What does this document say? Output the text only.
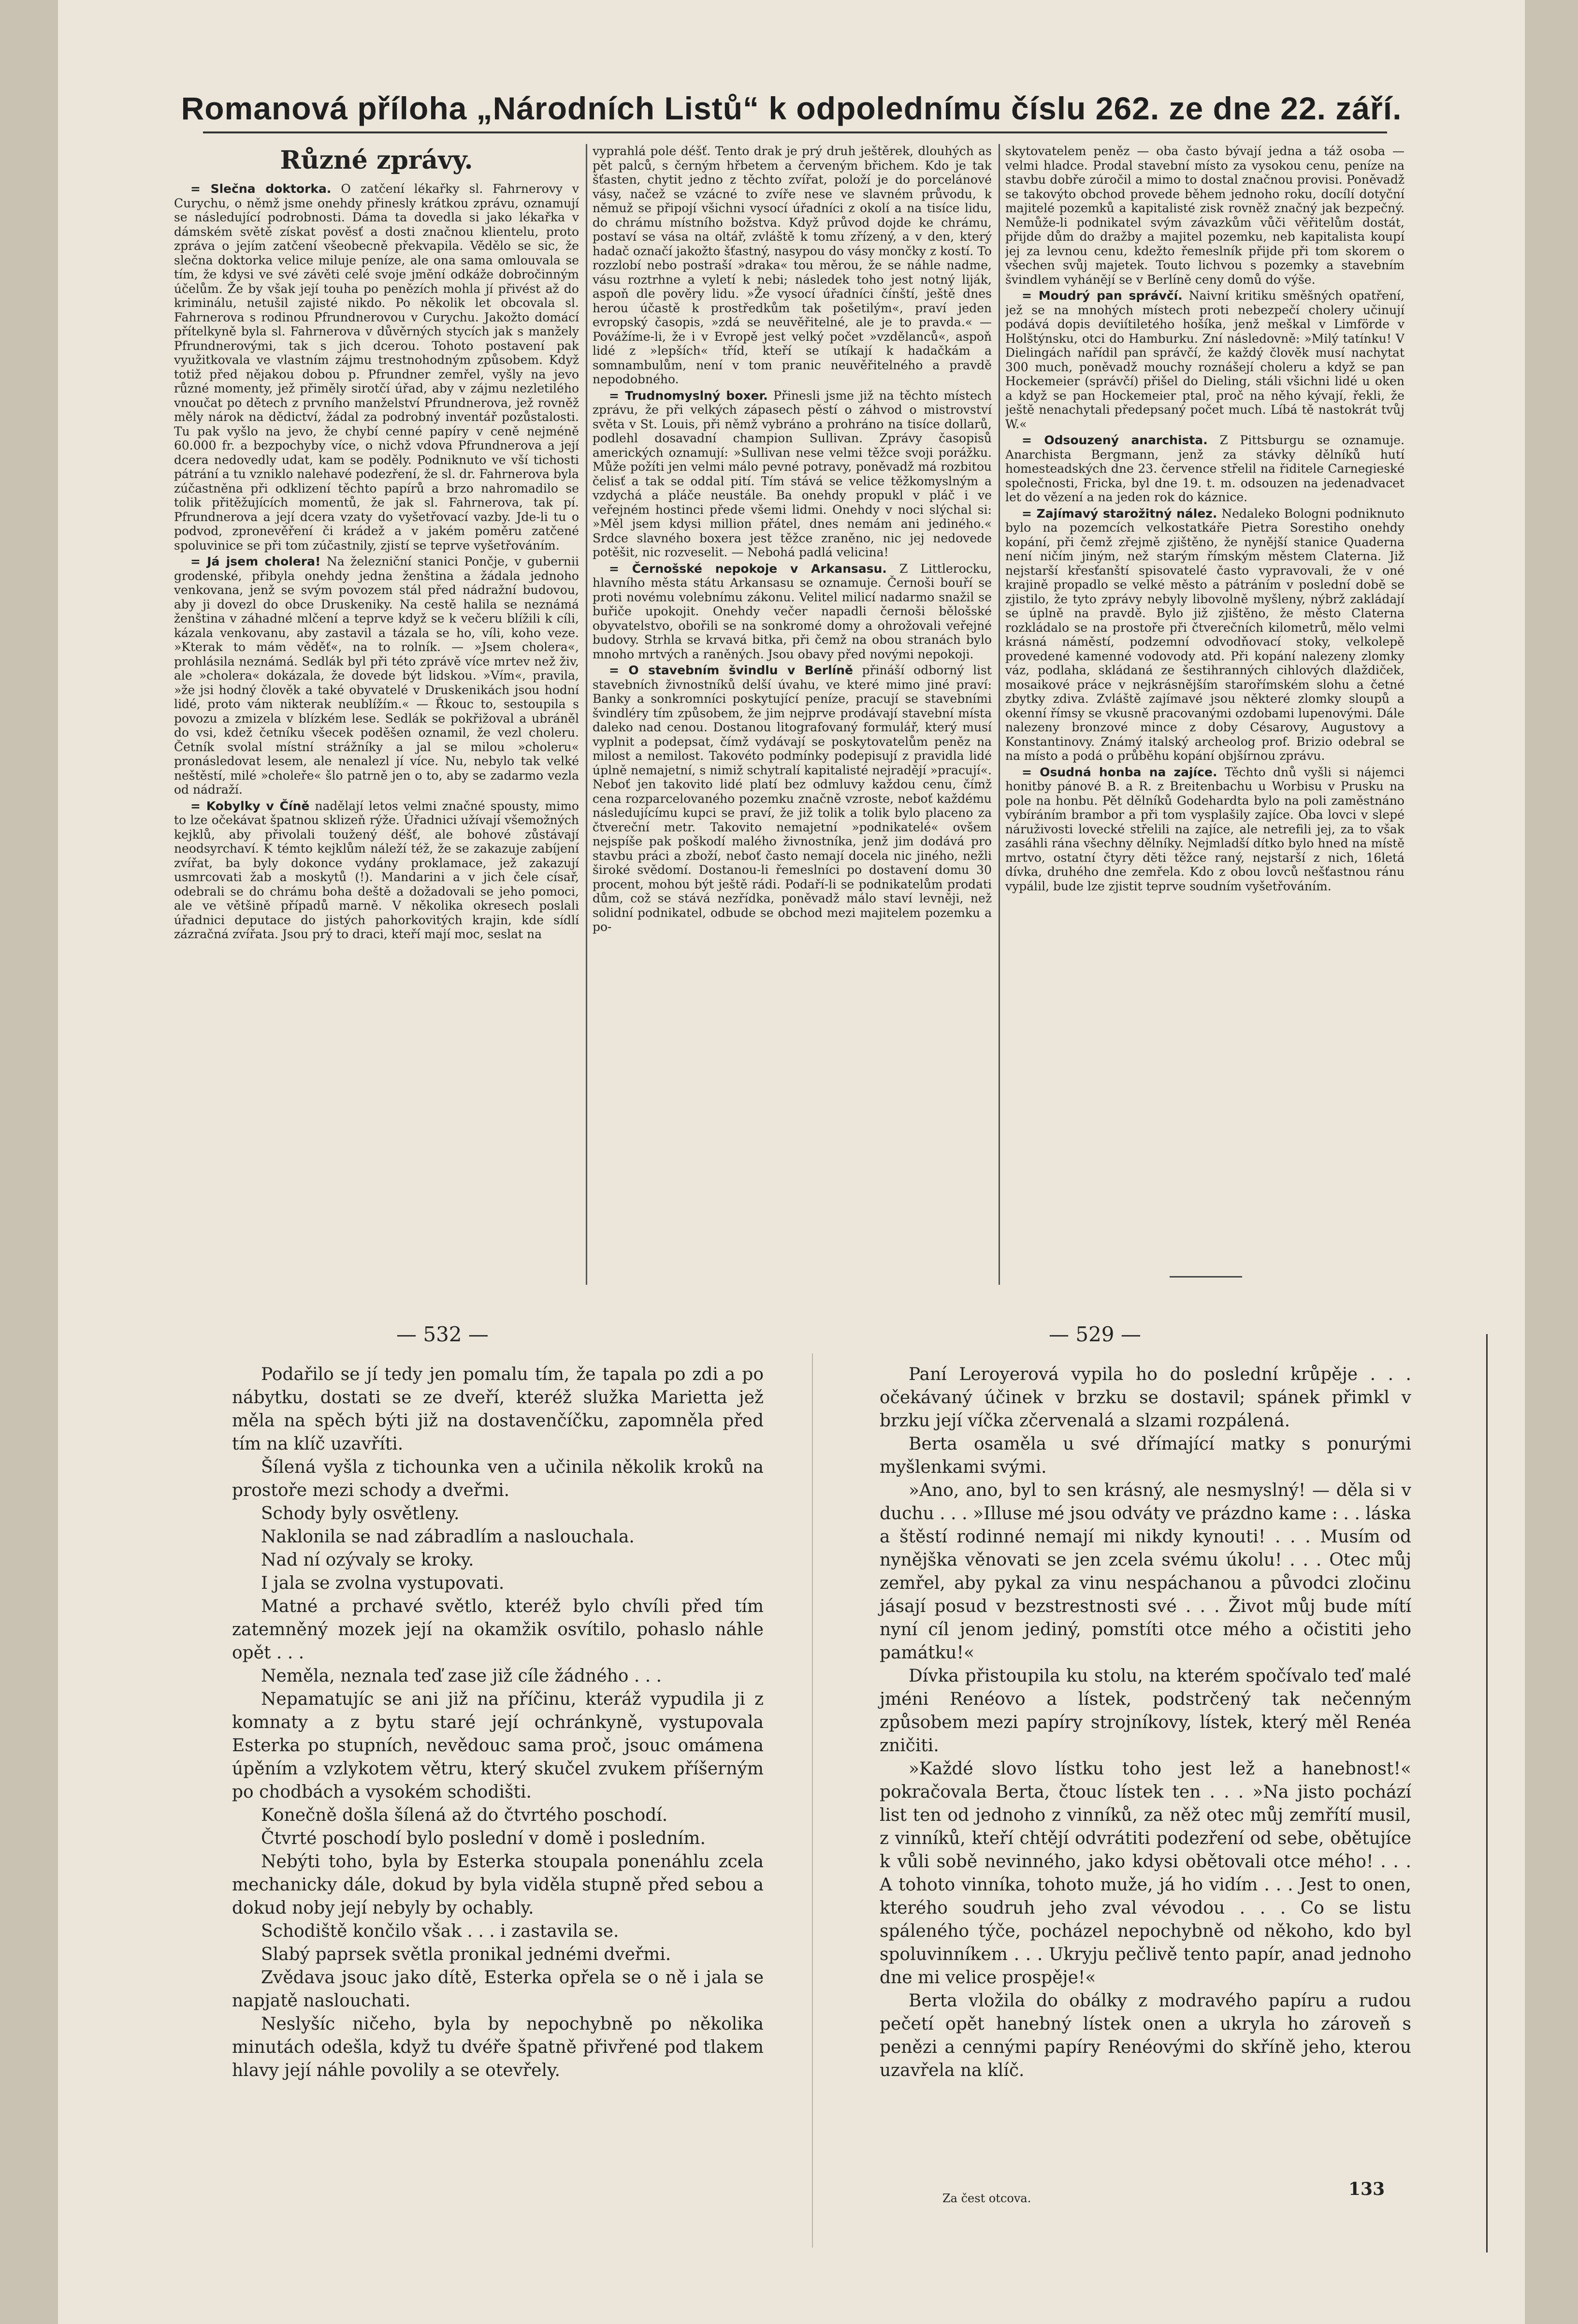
Romanová příloha „Národních Listů“ k odpolednímu číslu 262. ze dne 22. září.
Různé zprávy.

= Slečna doktorka. O zatčení lékařky sl. Fahrnerovy v Curychu, o němž jsme onehdy přinesly krátkou zprávu, oznamují se následující podrobnosti. Dáma ta dovedla si jako lékařka v dámském světě získat pověsť a dosti značnou klientelu, proto zpráva o jejím zatčení všeobecně překvapila. Vědělo se sic, že slečna doktorka velice miluje peníze, ale ona sama omlouvala se tím, že kdysi ve své závěti celé svoje jmění odkáže dobročinným účelům. Že by však její touha po penězích mohla jí přivést až do kriminálu, netušil zajisté nikdo. Po několik let obcovala sl. Fahrnerova s rodinou Pfrundnerovou v Curychu. Jakožto domácí přítelkyně byla sl. Fahrnerova v důvěrných stycích jak s manžely Pfrundnerovými, tak s jich dcerou. Tohoto postavení pak využitkovala ve vlastním zájmu trestnohodným způsobem. Když totiž před nějakou dobou p. Pfrundner zemřel, vyšly na jevo různé momenty, jež přiměly sirotčí úřad, aby v zájmu nezletilého vnoučat po dětech z prvního manželství Pfrundnerova, jež rovněž měly nárok na dědictví, žádal za podrobný inventář pozůstalosti. Tu pak vyšlo na jevo, že chybí cenné papíry v ceně nejméně 60.000 fr. a bezpochyby více, o nichž vdova Pfrundnerova a její dcera nedovedly udat, kam se poděly. Podniknuto ve vší tichosti pátrání a tu vzniklo nalehavé podezření, že sl. dr. Fahrnerova byla zúčastněna při odklizení těchto papírů a brzo nahromadilo se tolik přitěžujících momentů, že jak sl. Fahrnerova, tak pí. Pfrundnerova a její dcera vzaty do vyšetřovací vazby. Jde-li tu o podvod, zpronevěření či krádež a v jakém poměru zatčené spoluvinice se při tom zúčastnily, zjistí se teprve vyšetřováním.

= Já jsem cholera! Na železniční stanici Pončje, v gubernii grodenské, přibyla onehdy jedna ženština a žádala jednoho venkovana, jenž se svým povozem stál před nádražní budovou, aby ji dovezl do obce Druskeniky. Na cestě halila se neznámá ženština v záhadné mlčení a teprve když se k večeru blížili k cíli, kázala venkovanu, aby zastavil a tázala se ho, víli, koho veze. »Kterak to mám věděť«, na to rolník. — »Jsem cholera«, prohlásila neznámá. Sedlák byl při této zprávě více mrtev než živ, ale »cholera« dokázala, že dovede být lidskou. »Vím«, pravila, »že jsi hodný člověk a také obyvatelé v Druskenikách jsou hodní lidé, proto vám nikterak neublížím.« — Řkouc to, sestoupila s povozu a zmizela v blízkém lese. Sedlák se pokřižoval a ubráněl do vsi, kdež četníku všecek poděšen oznamil, že vezl choleru. Četník svolal místní strážníky a jal se milou »choleru« pronásledovat lesem, ale nenalezl jí více. Nu, nebylo tak velké neštěstí, milé »choleře« šlo patrně jen o to, aby se zadarmo vezla od nádraží.

= Kobylky v Číně nadělají letos velmi značné spousty, mimo to lze očekávat špatnou sklizeň rýže. Úřadnici užívají všemožných kejklů, aby přivolali toužený déšť, ale bohové zůstávají neodsyrchaví. K témto kejklům náleží též, že se zakazuje zabíjení zvířat, ba byly dokonce vydány proklamace, jež zakazují usmrcovati žab a moskytů (!). Mandarini a v jich čele císař, odebrali se do chrámu boha deště a dožadovali se jeho pomoci, ale ve většině případů marně. V několika okresech poslali úřadnici deputace do jistých pahorkovitých krajin, kde sídlí zázračná zvířata. Jsou prý to draci, kteří mají moc, seslat na

vyprahlá pole déšť. Tento drak je prý druh ještěrek, dlouhých as pět palců, s černým hřbetem a červeným břichem. Kdo je tak šťasten, chytit jedno z těchto zvířat, položí je do porcelánové vásy, načež se vzácné to zvíře nese ve slavném průvodu, k němuž se připojí všichni vysocí úřadníci z okolí a na tisíce lidu, do chrámu místního božstva. Když průvod dojde ke chrámu, postaví se vása na oltář, zvláště k tomu zřízený, a v den, který hadač označí jakožto šťastný, nasypou do vásy mončky z kostí. To rozzlobí nebo postraší »draka« tou měrou, že se náhle nadme, vásu roztrhne a vyletí k nebi; následek toho jest notný liják, aspoň dle pověry lidu. »Že vysocí úřadníci čínští, ještě dnes herou účastě k prostředkům tak pošetilým«, praví jeden evropský časopis, »zdá se neuvěřitelné, ale je to pravda.« — Povážíme-li, že i v Evropě jest velký počet »vzdělanců«, aspoň lidé z »lepších« tříd, kteří se utíkají k hadačkám a somnambulům, není v tom pranic neuvěřitelného a pravdě nepodobného.

= Trudnomyslný boxer. Přinesli jsme již na těchto místech zprávu, že při velkých zápasech pěstí o záhvod o mistrovství světa v St. Louis, při němž vybráno a prohráno na tisíce dollarů, podlehl dosavadní champion Sullivan. Zprávy časopisů amerických oznamují: »Sullivan nese velmi těžce svoji porážku. Může požíti jen velmi málo pevné potravy, poněvadž má rozbitou čelisť a tak se oddal pití. Tím stává se velice těžkomyslným a vzdychá a pláče neustále. Ba onehdy propukl v pláč i ve veřejném hostinci přede všemi lidmi. Onehdy v noci slýchal si: »Měl jsem kdysi million přátel, dnes nemám ani jediného.« Srdce slavného boxera jest těžce zraněno, nic jej nedovede potěšit, nic rozveselit. — Nebohá padlá velicina!

= Černošské nepokoje v Arkansasu. Z Littlerocku, hlavního města státu Arkansasu se oznamuje. Černoši bouří se proti novému volebnímu zákonu. Velitel milicí nadarmo snažil se buřiče upokojit. Onehdy večer napadli černoši bělošské obyvatelstvo, obořili se na sonkromé domy a ohrožovali veřejné budovy. Strhla se krvavá bitka, při čemž na obou stranách bylo mnoho mrtvých a raněných. Jsou obavy před novými nepokoji.

= O stavebním švindlu v Berlíně přináší odborný list stavebních živnostníků delší úvahu, ve které mimo jiné praví: Banky a sonkromníci poskytující peníze, pracují se stavebními švindléry tím způsobem, že jim nejprve prodávají stavební místa daleko nad cenou. Dostanou litografovaný formulář, který musí vyplnit a podepsat, čímž vydávají se poskytovatelům peněz na milost a nemilost. Takovéto podmínky podepisují z pravidla lidé úplně nemajetní, s nimiž schytralí kapitalisté nejradějí »pracují«. Neboť jen takovito lidé platí bez odmluvy každou cenu, čímž cena rozparcelovaného pozemku značně vzroste, neboť každému následujícímu kupci se praví, že již tolik a tolik bylo placeno za čtvereční metr. Takovito nemajetní »podnikatelé« ovšem nejspíše pak poškodí malého živnostníka, jenž jim dodává pro stavbu práci a zboží, neboť často nemají docela nic jiného, nežli široké svědomí. Dostanou-li řemeslníci po dostavení domu 30 procent, mohou být ještě rádi. Podaří-li se podnikatelům prodati dům, což se stává nezřídka, poněvadž málo staví levněji, než solidní podnikatel, odbude se obchod mezi majitelem pozemku a po-

skytovatelem peněz — oba často bývají jedna a táž osoba — velmi hladce. Prodal stavební místo za vysokou cenu, peníze na stavbu dobře zúročil a mimo to dostal značnou provisi. Poněvadž se takovýto obchod provede během jednoho roku, docílí dotyční majitelé pozemků a kapitalisté zisk rovněž značný jak bezpečný. Nemůže-li podnikatel svým závazkům vůči věřitelům dostát, přijde dům do dražby a majitel pozemku, neb kapitalista koupí jej za levnou cenu, kdežto řemeslník přijde při tom skorem o všechen svůj majetek. Touto lichvou s pozemky a stavebním švindlem vyhánějí se v Berlíně ceny domů do výše.

= Moudrý pan správčí. Naivní kritiku směšných opatření, jež se na mnohých místech proti nebezpečí cholery učinují podává dopis deviítiletého hošíka, jenž meškal v Limförde v Holštýnsku, otci do Hamburku. Zní následovně: »Milý tatínku! V Dielingách nařídil pan správčí, že každý člověk musí nachytat 300 much, poněvadž mouchy roznášejí choleru a když se pan Hockemeier (správčí) přišel do Dieling, stáli všichni lidé u oken a když se pan Hockemeier ptal, proč na něho kývají, řekli, že ještě nenachytali předepsaný počet much. Líbá tě nastokrát tvůj W.«

= Odsouzený anarchista. Z Pittsburgu se oznamuje. Anarchista Bergmann, jenž za stávky dělníků hutí homesteadských dne 23. července střelil na řiditele Carnegieské společnosti, Fricka, byl dne 19. t. m. odsouzen na jedenadvacet let do vězení a na jeden rok do káznice.

= Zajímavý starožitný nález. Nedaleko Bologni podniknuto bylo na pozemcích velkostatkáře Pietra Sorestiho onehdy kopání, při čemž zřejmě zjištěno, že nynější stanice Quaderna není ničím jiným, než starým římským městem Claterna. Již nejstarší křesťanští spisovatelé často vypravovali, že v oné krajině propadlo se velké město a pátráním v poslední době se zjistilo, že tyto zprávy nebyly libovolně myšleny, nýbrž zakládají se úplně na pravdě. Bylo již zjištěno, že město Claterna rozkládalo se na prostoře při čtverečních kilometrů, mělo velmi krásná náměstí, podzemní odvodňovací stoky, velkolepě provedené kamenné vodovody atd. Při kopání nalezeny zlomky váz, podlaha, skládaná ze šestihranných cihlových dlaždiček, mosaikové práce v nejkrásnějším starořímském slohu a četné zbytky zdiva. Zvláště zajímavé jsou některé zlomky sloupů a okenní římsy se vkusně pracovanými ozdobami lupenovými. Dále nalezeny bronzové mince z doby Césarovy, Augustovy a Konstantinovy. Známý italský archeolog prof. Brizio odebral se na místo a podá o průběhu kopání objšírnou zprávu.

= Osudná honba na zajíce. Těchto dnů vyšli si nájemci honitby pánové B. a R. z Breitenbachu u Worbisu v Prusku na pole na honbu. Pět dělníků Godehardta bylo na poli zaměstnáno vybíráním brambor a při tom vysplašily zajíce. Oba lovci v slepé náruživosti lovecké střelili na zajíce, ale netrefili jej, za to však zasáhli rána všechny dělníky. Nejmladší dítko bylo hned na místě mrtvo, ostatní čtyry děti těžce raný, nejstarší z nich, 16letá dívka, druhého dne zemřela. Kdo z obou lovců nešťastnou ránu vypálil, bude lze zjistit teprve soudním vyšetřováním.

— 532 —

Podařilo se jí tedy jen pomalu tím, že tapala po zdi a po nábytku, dostati se ze dveří, kteréž služka Marietta jež měla na spěch býti již na dostavenčíčku, zapomněla před tím na klíč uzavříti.

Šílená vyšla z tichounka ven a učinila několik kroků na prostoře mezi schody a dveřmi.

Schody byly osvětleny.

Naklonila se nad zábradlím a naslouchala.

Nad ní ozývaly se kroky.

I jala se zvolna vystupovati.

Matné a prchavé světlo, kteréž bylo chvíli před tím zatemněný mozek její na okamžik osvítilo, pohaslo náhle opět . . .

Neměla, neznala teď zase již cíle žádného . . .

Nepamatujíc se ani již na příčinu, kteráž vypudila ji z komnaty a z bytu staré její ochránkyně, vystupovala Esterka po stupních, nevědouc sama proč, jsouc omámena úpěním a vzlykotem větru, který skučel zvukem příšerným po chodbách a vysokém schodišti.

Konečně došla šílená až do čtvrtého poschodí.

Čtvrté poschodí bylo poslední v domě i posledním.

Nebýti toho, byla by Esterka stoupala ponenáhlu zcela mechanicky dále, dokud by byla viděla stupně před sebou a dokud noby její nebyly by ochably.

Schodiště končilo však . . . i zastavila se.

Slabý paprsek světla pronikal jednémi dveřmi.

Zvědava jsouc jako dítě, Esterka opřela se o ně i jala se napjatě naslouchati.

Neslyšíc ničeho, byla by nepochybně po několika minutách odešla, když tu dvéře špatně přivřené pod tlakem hlavy její náhle povolily a se otevřely.

— 529 —

Paní Leroyerová vypila ho do poslední krůpěje . . . očekávaný účinek v brzku se dostavil; spánek přimkl v brzku její víčka zčervenalá a slzami rozpálená.

Berta osaměla u své dřímající matky s ponurými myšlenkami svými.

»Ano, ano, byl to sen krásný, ale nesmyslný! — děla si v duchu . . . »Illuse mé jsou odváty ve prázdno kame : . . láska a štěstí rodinné nemají mi nikdy kynouti! . . . Musím od nynějška věnovati se jen zcela svému úkolu! . . . Otec můj zemřel, aby pykal za vinu nespáchanou a původci zločinu jásají posud v bezstrestnosti své . . . Život můj bude mítí nyní cíl jenom jediný, pomstíti otce mého a očistiti jeho památku!«

Dívka přistoupila ku stolu, na kterém spočívalo teď malé jméni Renéovo a lístek, podstrčený tak nečenným způsobem mezi papíry strojníkovy, lístek, který měl Renéa zničiti.

»Každé slovo lístku toho jest lež a hanebnost!« pokračovala Berta, čtouc lístek ten . . . »Na jisto pochází list ten od jednoho z vinníků, za něž otec můj zemřítí musil, z vinníků, kteří chtějí odvrátiti podezření od sebe, obětujíce k vůli sobě nevinného, jako kdysi obětovali otce mého! . . . A tohoto vinníka, tohoto muže, já ho vidím . . . Jest to onen, kterého soudruh jeho zval vévodou . . . Co se listu spáleného týče, pocházel nepochybně od někoho, kdo byl spoluvinníkem . . . Ukryju pečlivě tento papír, anad jednoho dne mi velice prospěje!«

Berta vložila do obálky z modravého papíru a rudou pečetí opět hanebný lístek onen a ukryla ho zároveň s penězi a cennými papíry Renéovými do skříně jeho, kterou uzavřela na klíč.

Za čest otcova.	133
